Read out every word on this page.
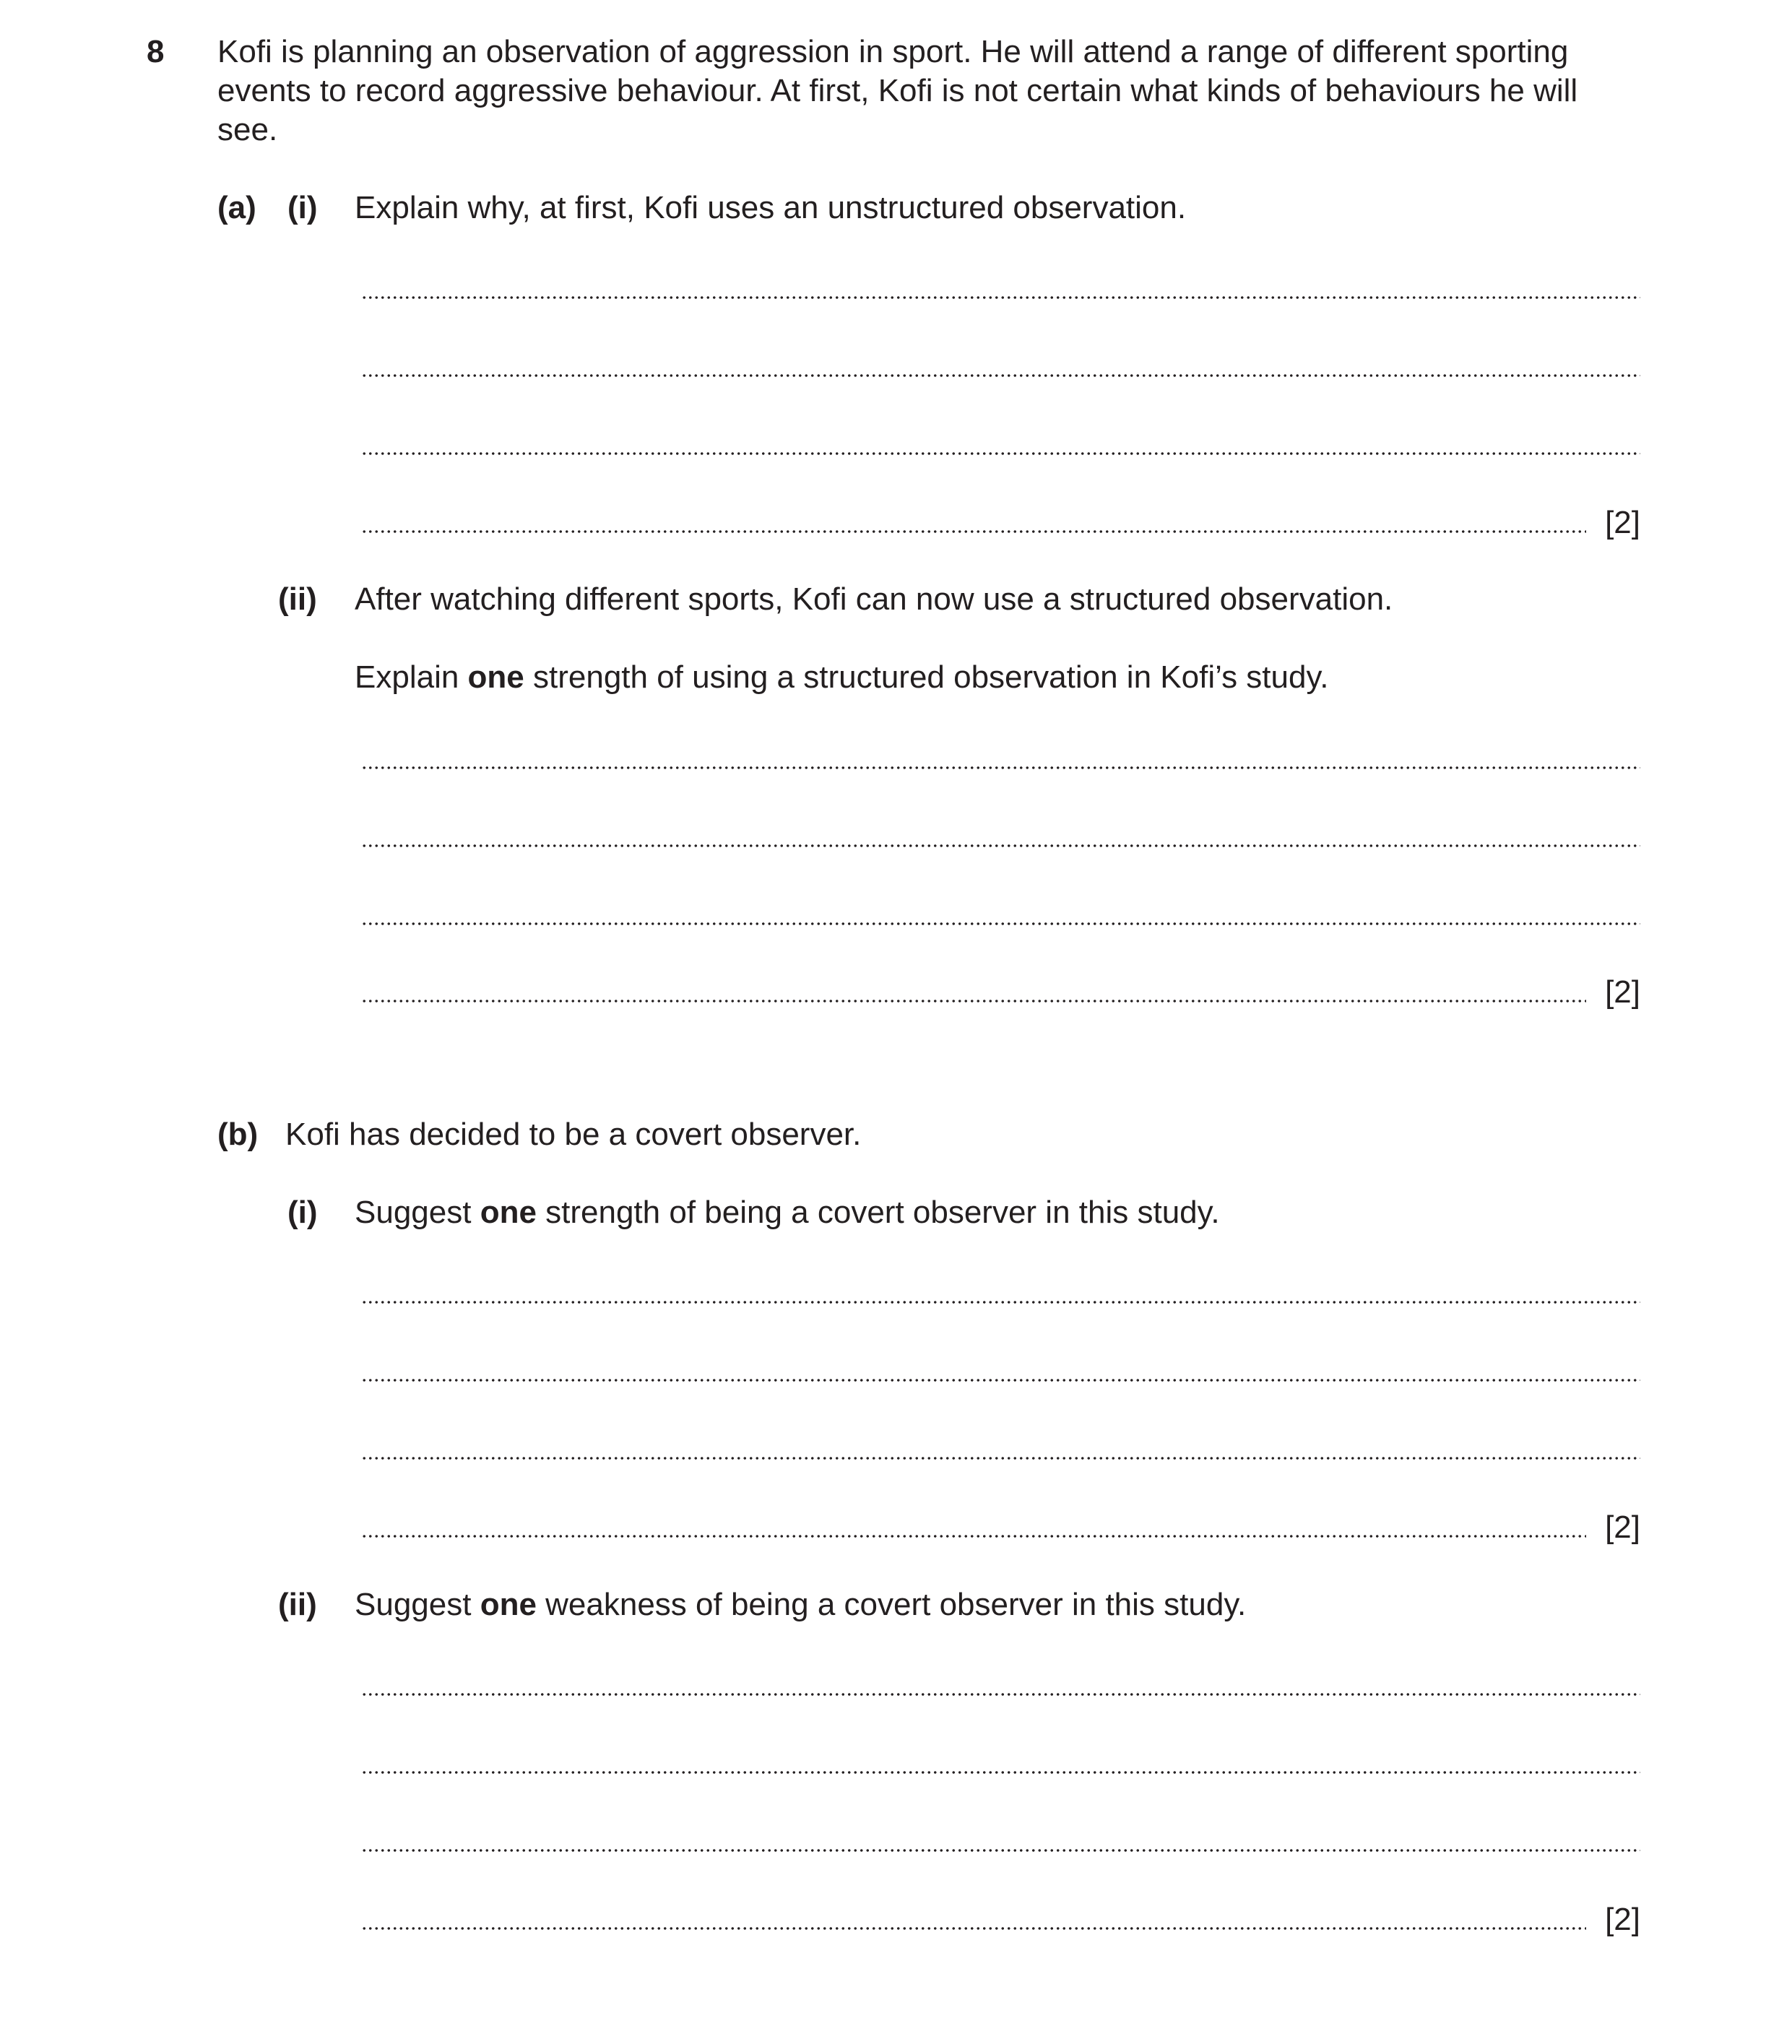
8 Kofi is planning an observation of aggression in sport. He will attend a range of different sporting
events to record aggressive behaviour. At first, Kofi is not certain what kinds of behaviours he will
see.
(a) (i) Explain why, at first, Kofi uses an unstructured observation.
[2]
(ii) After watching different sports, Kofi can now use a structured observation.
Explain one strength of using a structured observation in Kofi’s study.
[2]
(b) Kofi has decided to be a covert observer.
(i) Suggest one strength of being a covert observer in this study.
[2]
(ii) Suggest one weakness of being a covert observer in this study.
[2]
